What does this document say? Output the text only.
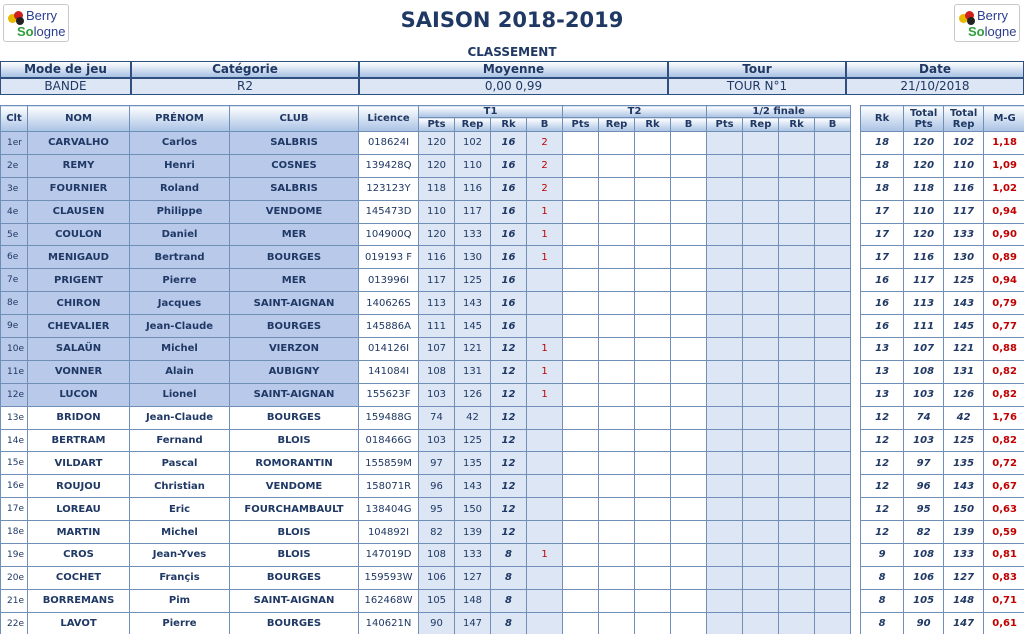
Berry
Sologne
Berry
Sologne
SAISON 2018-2019
CLASSEMENT
Mode de jeu	Catégorie	Moyenne	Tour	Date
BANDE	R2	0,00 0,99	TOUR N°1	21/10/2018
Clt	NOM	PRÉNOM	CLUB	Licence	T1				T2				1/2 finale					Rk	Total Pts	Total Rep	M-G
					Pts	Rep	Rk	B	Pts	Rep	Rk	B	Pts	Rep	Rk	B					
1er	CARVALHO	Carlos	SALBRIS	018624I	120	102	16	2										18	120	102	1,18
2e	REMY	Henri	COSNES	139428Q	120	110	16	2										18	120	110	1,09
3e	FOURNIER	Roland	SALBRIS	123123Y	118	116	16	2										18	118	116	1,02
4e	CLAUSEN	Philippe	VENDOME	145473D	110	117	16	1										17	110	117	0,94
5e	COULON	Daniel	MER	104900Q	120	133	16	1										17	120	133	0,90
6e	MENIGAUD	Bertrand	BOURGES	019193 F	116	130	16	1										17	116	130	0,89
7e	PRIGENT	Pierre	MER	013996I	117	125	16											16	117	125	0,94
8e	CHIRON	Jacques	SAINT-AIGNAN	140626S	113	143	16											16	113	143	0,79
9e	CHEVALIER	Jean-Claude	BOURGES	145886A	111	145	16											16	111	145	0,77
10e	SALAÜN	Michel	VIERZON	014126I	107	121	12	1										13	107	121	0,88
11e	VONNER	Alain	AUBIGNY	141084I	108	131	12	1										13	108	131	0,82
12e	LUCON	Lionel	SAINT-AIGNAN	155623F	103	126	12	1										13	103	126	0,82
13e	BRIDON	Jean-Claude	BOURGES	159488G	74	42	12											12	74	42	1,76
14e	BERTRAM	Fernand	BLOIS	018466G	103	125	12											12	103	125	0,82
15e	VILDART	Pascal	ROMORANTIN	155859M	97	135	12											12	97	135	0,72
16e	ROUJOU	Christian	VENDOME	158071R	96	143	12											12	96	143	0,67
17e	LOREAU	Eric	FOURCHAMBAULT	138404G	95	150	12											12	95	150	0,63
18e	MARTIN	Michel	BLOIS	104892I	82	139	12											12	82	139	0,59
19e	CROS	Jean-Yves	BLOIS	147019D	108	133	8	1										9	108	133	0,81
20e	COCHET	Françis	BOURGES	159593W	106	127	8											8	106	127	0,83
21e	BORREMANS	Pim	SAINT-AIGNAN	162468W	105	148	8											8	105	148	0,71
22e	LAVOT	Pierre	BOURGES	140621N	90	147	8											8	90	147	0,61
